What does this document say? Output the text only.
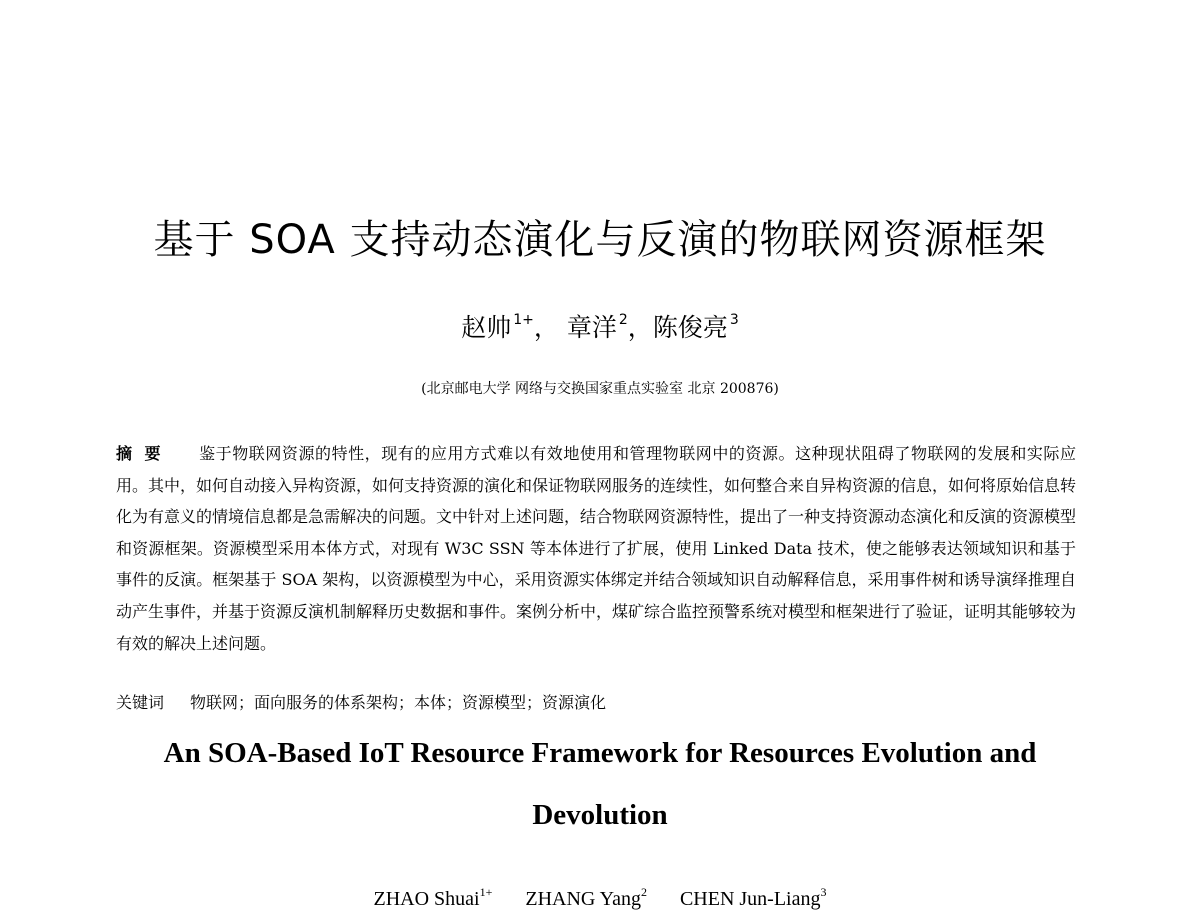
基于 SOA 支持动态演化与反演的物联网资源框架
赵帅 $^{1+}$， 章洋 $^2$，陈俊亮 $^3$
(北京邮电大学 网络与交换国家重点实验室 北京 200876)

摘要 鉴于物联网资源的特性，现有的应用方式难以有效地使用和管理物联网中的资源。这种现状阻碍了物联网的发展和实际应用。其中，如何自动接入异构资源，如何支持资源的演化和保证物联网服务的连续性，如何整合来自异构资源的信息，如何将原始信息转化为有意义的情境信息都是急需解决的问题。文中针对上述问题，结合物联网资源特性，提出了一种支持资源动态演化和反演的资源模型和资源框架。资源模型采用本体方式，对现有 W3C SSN 等本体进行了扩展，使用 Linked Data 技术，使之能够表达领域知识和基于事件的反演。框架基于 SOA 架构，以资源模型为中心，采用资源实体绑定并结合领域知识自动解释信息，采用事件树和诱导演绎推理自动产生事件，并基于资源反演机制解释历史数据和事件。案例分析中，煤矿综合监控预警系统对模型和框架进行了验证，证明其能够较为有效的解决上述问题。

关键词 物联网；面向服务的体系架构；本体；资源模型；资源演化
An SOA-Based IoT Resource Framework for Resources Evolution and
Devolution
ZHAO Shuai$^{1+}$ ZHANG Yang$^2$ CHEN Jun-Liang$^3$
